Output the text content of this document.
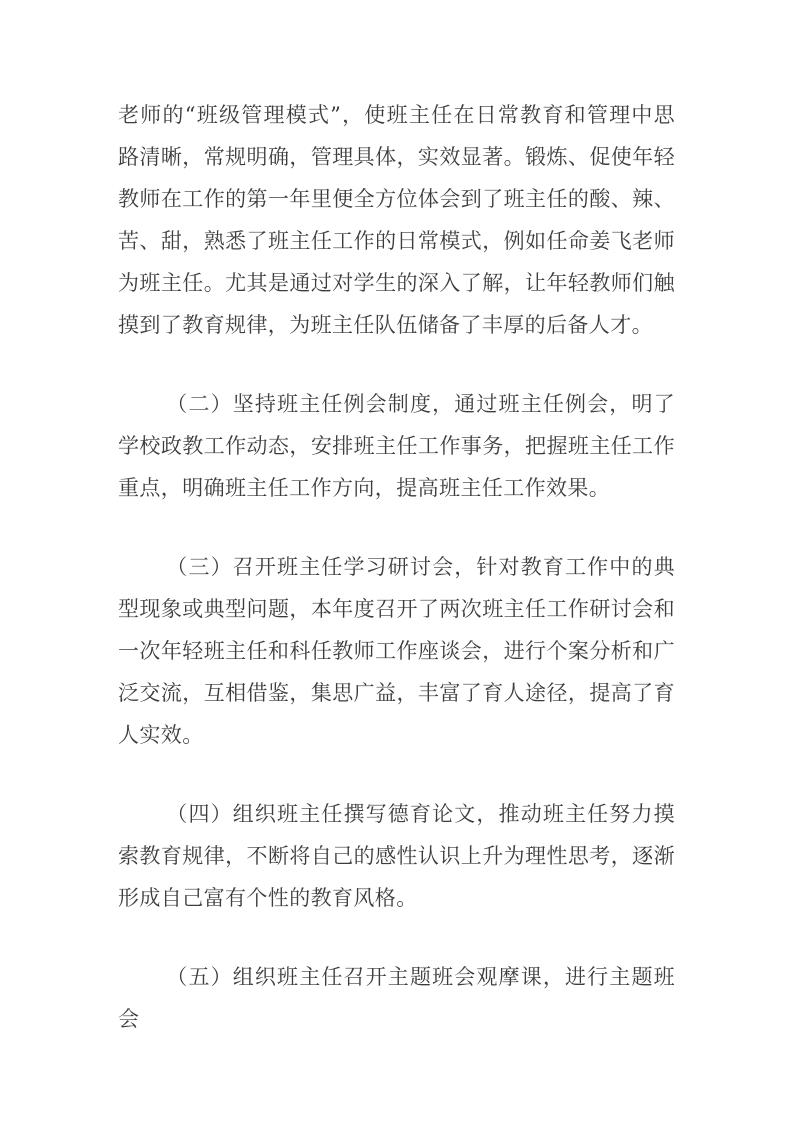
老师的“班级管理模式”，使班主任在日常教育和管理中思路清晰，常规明确，管理具体，实效显著。锻炼、促使年轻教师在工作的第一年里便全方位体会到了班主任的酸、辣、苦、甜，熟悉了班主任工作的日常模式，例如任命姜飞老师为班主任。尤其是通过对学生的深入了解，让年轻教师们触摸到了教育规律，为班主任队伍储备了丰厚的后备人才。

（二）坚持班主任例会制度，通过班主任例会，明了学校政教工作动态，安排班主任工作事务，把握班主任工作重点，明确班主任工作方向，提高班主任工作效果。

（三）召开班主任学习研讨会，针对教育工作中的典型现象或典型问题，本年度召开了两次班主任工作研讨会和一次年轻班主任和科任教师工作座谈会，进行个案分析和广泛交流，互相借鉴，集思广益，丰富了育人途径，提高了育人实效。

（四）组织班主任撰写德育论文，推动班主任努力摸索教育规律，不断将自己的感性认识上升为理性思考，逐渐形成自己富有个性的教育风格。

（五）组织班主任召开主题班会观摩课，进行主题班会
